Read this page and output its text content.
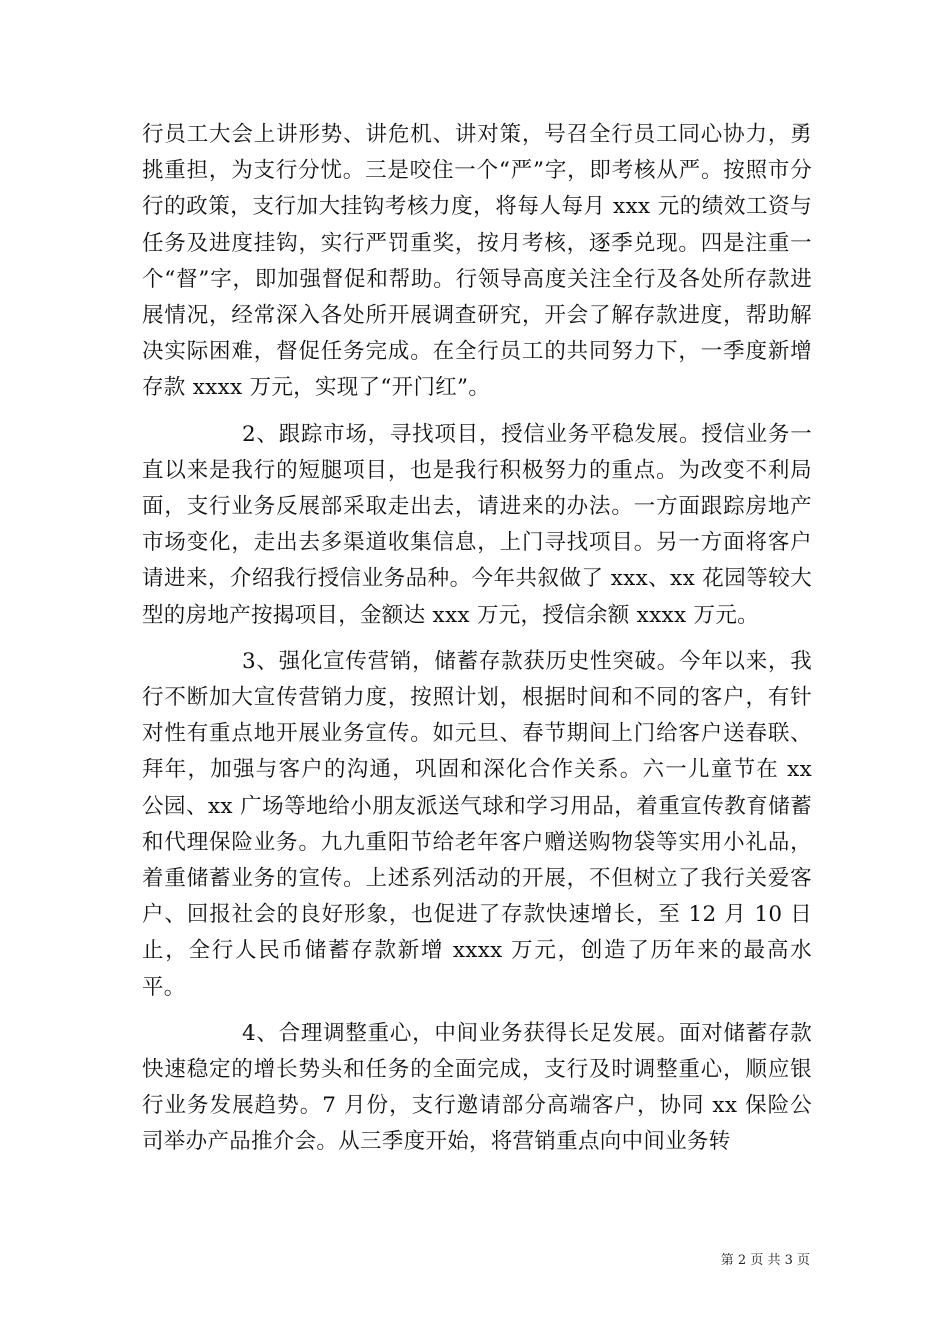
行员工大会上讲形势、讲危机、讲对策，号召全行员工同心协力，勇挑重担，为支行分忧。三是咬住一个“严”字，即考核从严。按照市分行的政策，支行加大挂钩考核力度，将每人每月 xxx 元的绩效工资与任务及进度挂钩，实行严罚重奖，按月考核，逐季兑现。四是注重一个“督”字，即加强督促和帮助。行领导高度关注全行及各处所存款进展情况，经常深入各处所开展调查研究，开会了解存款进度，帮助解决实际困难，督促任务完成。在全行员工的共同努力下，一季度新增存款 xxxx 万元，实现了“开门红”。

2、跟踪市场，寻找项目，授信业务平稳发展。授信业务一直以来是我行的短腿项目，也是我行积极努力的重点。为改变不利局面，支行业务反展部采取走出去，请进来的办法。一方面跟踪房地产市场变化，走出去多渠道收集信息，上门寻找项目。另一方面将客户请进来，介绍我行授信业务品种。今年共叙做了 xxx、xx 花园等较大型的房地产按揭项目，金额达 xxx 万元，授信余额 xxxx 万元。

3、强化宣传营销，储蓄存款获历史性突破。今年以来，我行不断加大宣传营销力度，按照计划，根据时间和不同的客户，有针对性有重点地开展业务宣传。如元旦、春节期间上门给客户送春联、拜年，加强与客户的沟通，巩固和深化合作关系。六一儿童节在 xx 公园、xx 广场等地给小朋友派送气球和学习用品，着重宣传教育储蓄和代理保险业务。九九重阳节给老年客户赠送购物袋等实用小礼品，着重储蓄业务的宣传。上述系列活动的开展，不但树立了我行关爱客户、回报社会的良好形象，也促进了存款快速增长，至 12 月 10 日止，全行人民币储蓄存款新增 xxxx 万元，创造了历年来的最高水平。

4、合理调整重心，中间业务获得长足发展。面对储蓄存款快速稳定的增长势头和任务的全面完成，支行及时调整重心，顺应银行业务发展趋势。7 月份，支行邀请部分高端客户，协同 xx 保险公司举办产品推介会。从三季度开始，将营销重点向中间业务转

第 2 页 共 3 页
